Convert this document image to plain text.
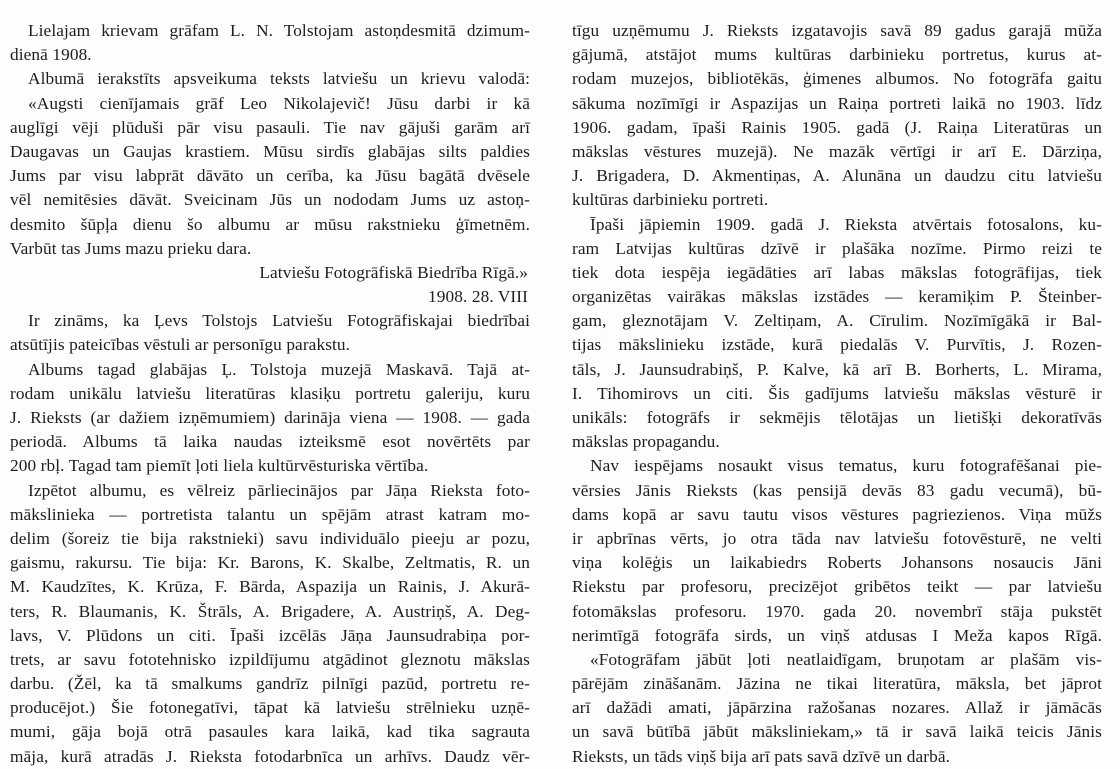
Lielajam krievam grāfam L. N. Tolstojam astoņdesmitā dzimum-
dienā 1908.
Albumā ierakstīts apsveikuma teksts latviešu un krievu valodā:
«Augsti cienījamais grāf Leo Nikolajevič! Jūsu darbi ir kā
auglīgi vēji plūduši pār visu pasauli. Tie nav gājuši garām arī
Daugavas un Gaujas krastiem. Mūsu sirdīs glabājas silts paldies
Jums par visu labprāt dāvāto un cerība, ka Jūsu bagātā dvēsele
vēl nemitēsies dāvāt. Sveicinam Jūs un nododam Jums uz astoņ-
desmito šūpļa dienu šo albumu ar mūsu rakstnieku ģīmetnēm.
Varbūt tas Jums mazu prieku dara.
Latviešu Fotogrāfiskā Biedrība Rīgā.»
1908. 28. VIII
Ir zināms, ka Ļevs Tolstojs Latviešu Fotogrāfiskajai biedrībai
atsūtījis pateicības vēstuli ar personīgu parakstu.
Albums tagad glabājas Ļ. Tolstoja muzejā Maskavā. Tajā at-
rodam unikālu latviešu literatūras klasiķu portretu galeriju, kuru
J. Rieksts (ar dažiem izņēmumiem) darināja viena — 1908. — gada
periodā. Albums tā laika naudas izteiksmē esot novērtēts par
200 rbļ. Tagad tam piemīt ļoti liela kultūrvēsturiska vērtība.
Izpētot albumu, es vēlreiz pārliecinājos par Jāņa Rieksta foto-
mākslinieka — portretista talantu un spējām atrast katram mo-
delim (šoreiz tie bija rakstnieki) savu individuālo pieeju ar pozu,
gaismu, rakursu. Tie bija: Kr. Barons, K. Skalbe, Zeltmatis, R. un
M. Kaudzītes, K. Krūza, F. Bārda, Aspazija un Rainis, J. Akurā-
ters, R. Blaumanis, K. Štrāls, A. Brigadere, A. Austriņš, A. Deg-
lavs, V. Plūdons un citi. Īpaši izcēlās Jāņa Jaunsudrabiņa por-
trets, ar savu fototehnisko izpildījumu atgādinot gleznotu mākslas
darbu. (Žēl, ka tā smalkums gandrīz pilnīgi pazūd, portretu re-
producējot.) Šie fotonegatīvi, tāpat kā latviešu strēlnieku uzņē-
mumi, gāja bojā otrā pasaules kara laikā, kad tika sagrauta
māja, kurā atradās J. Rieksta fotodarbnīca un arhīvs. Daudz vēr-
tīgu uzņēmumu J. Rieksts izgatavojis savā 89 gadus garajā mūža
gājumā, atstājot mums kultūras darbinieku portretus, kurus at-
rodam muzejos, bibliotēkās, ģimenes albumos. No fotogrāfa gaitu
sākuma nozīmīgi ir Aspazijas un Raiņa portreti laikā no 1903. līdz
1906. gadam, īpaši Rainis 1905. gadā (J. Raiņa Literatūras un
mākslas vēstures muzejā). Ne mazāk vērtīgi ir arī E. Dārziņa,
J. Brigadera, D. Akmentiņas, A. Alunāna un daudzu citu latviešu
kultūras darbinieku portreti.
Īpaši jāpiemin 1909. gadā J. Rieksta atvērtais fotosalons, ku-
ram Latvijas kultūras dzīvē ir plašāka nozīme. Pirmo reizi te
tiek dota iespēja iegādāties arī labas mākslas fotogrāfijas, tiek
organizētas vairākas mākslas izstādes — keramiķim P. Šteinber-
gam, gleznotājam V. Zeltiņam, A. Cīrulim. Nozīmīgākā ir Bal-
tijas mākslinieku izstāde, kurā piedalās V. Purvītis, J. Rozen-
tāls, J. Jaunsudrabiņš, P. Kalve, kā arī B. Borherts, L. Mirama,
I. Tihomirovs un citi. Šis gadījums latviešu mākslas vēsturē ir
unikāls: fotogrāfs ir sekmējis tēlotājas un lietišķi dekoratīvās
mākslas propagandu.
Nav iespējams nosaukt visus tematus, kuru fotografēšanai pie-
vērsies Jānis Rieksts (kas pensijā devās 83 gadu vecumā), bū-
dams kopā ar savu tautu visos vēstures pagriezienos. Viņa mūžs
ir apbrīnas vērts, jo otra tāda nav latviešu fotovēsturē, ne velti
viņa kolēģis un laikabiedrs Roberts Johansons nosaucis Jāni
Riekstu par profesoru, precizējot gribētos teikt — par latviešu
fotomākslas profesoru. 1970. gada 20. novembrī stāja pukstēt
nerimtīgā fotogrāfa sirds, un viņš atdusas I Meža kapos Rīgā.
«Fotogrāfam jābūt ļoti neatlaidīgam, bruņotam ar plašām vis-
pārējām zināšanām. Jāzina ne tikai literatūra, māksla, bet jāprot
arī dažādi amati, jāpārzina ražošanas nozares. Allaž ir jāmācās
un savā būtībā jābūt māksliniekam,» tā ir savā laikā teicis Jānis
Rieksts, un tāds viņš bija arī pats savā dzīvē un darbā.
